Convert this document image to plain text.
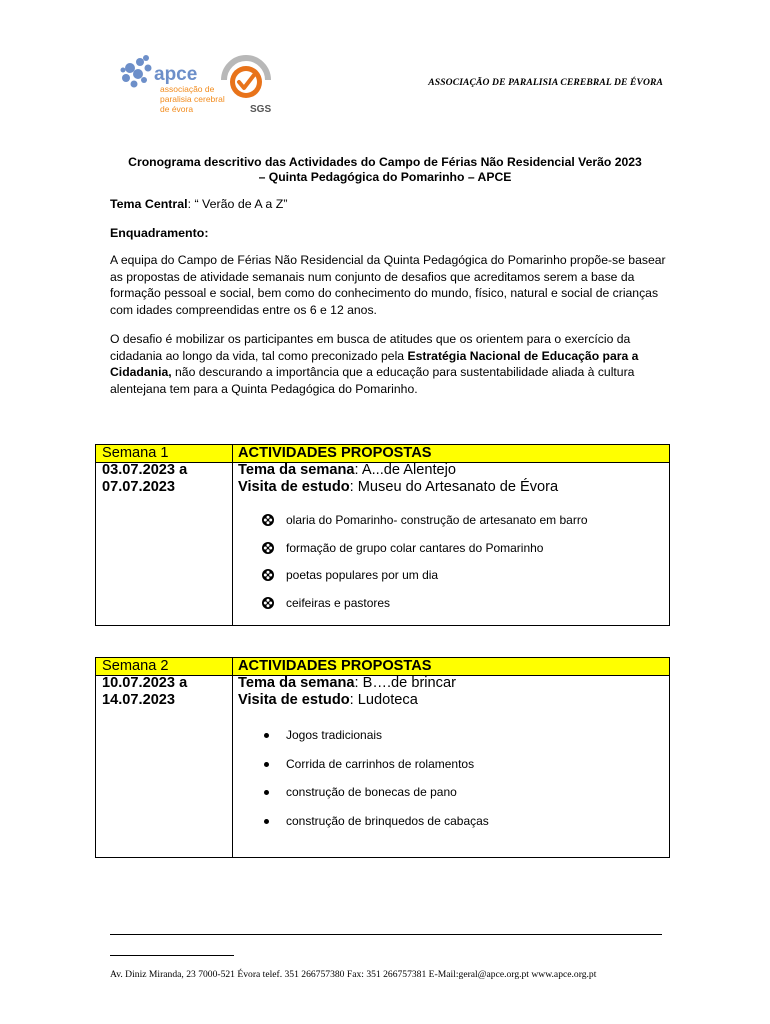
apce
associação de
paralisia cerebral
de évora	SGS
ASSOCIAÇÃO DE PARALISIA CEREBRAL DE ÉVORA
Cronograma descritivo das Actividades do Campo de Férias Não Residencial Verão 2023
– Quinta Pedagógica do Pomarinho – APCE
Tema Central: “ Verão de A a Z”
Enquadramento:
A equipa do Campo de Férias Não Residencial da Quinta Pedagógica do Pomarinho propõe-se basear as propostas de atividade semanais num conjunto de desafios que acreditamos serem a base da formação pessoal e social, bem como do conhecimento do mundo, físico, natural e social de crianças com idades compreendidas entre os 6 e 12 anos.
O desafio é mobilizar os participantes em busca de atitudes que os orientem para o exercício da cidadania ao longo da vida, tal como preconizado pela Estratégia Nacional de Educação para a Cidadania, não descurando a importância que a educação para sustentabilidade aliada à cultura alentejana tem para a Quinta Pedagógica do Pomarinho.
Semana 1
03.07.2023 a
07.07.2023
ACTIVIDADES PROPOSTAS
Tema da semana: A...de Alentejo
Visita de estudo: Museu do Artesanato de Évora
olaria do Pomarinho- construção de artesanato em barro
formação de grupo colar cantares do Pomarinho
poetas populares por um dia
ceifeiras e pastores
Semana 2
10.07.2023 a
14.07.2023
ACTIVIDADES PROPOSTAS
Tema da semana: B….de brincar
Visita de estudo: Ludoteca
Jogos tradicionais
Corrida de carrinhos de rolamentos
construção de bonecas de pano
construção de brinquedos de cabaças
Av. Diniz Miranda, 23 7000-521 Évora telef. 351 266757380 Fax: 351 266757381 E-Mail:geral@apce.org.pt www.apce.org.pt
